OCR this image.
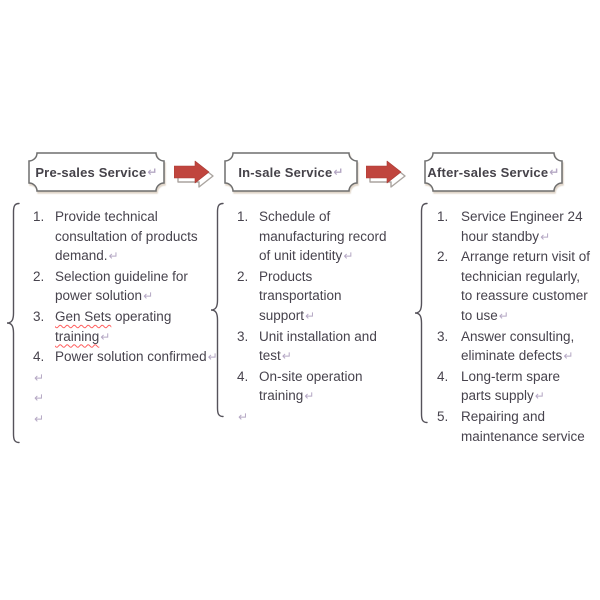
Pre-sales Service ↵	In-sale Service ↵	After-sales Service ↵
1. Provide technical
consultation of products
demand.↵
2. Selection guideline for
power solution↵
3. Gen Sets operating
training↵
4. Power solution confirmed↵
↵
↵
↵
1. Schedule of
manufacturing record
of unit identity↵
2. Products
transportation
support↵
3. Unit installation and
test↵
4. On-site operation
training↵
↵
1. Service Engineer 24
hour standby↵
2. Arrange return visit of
technician regularly,
to reassure customer
to use↵
3. Answer consulting,
eliminate defects↵
4. Long-term spare
parts supply↵
5. Repairing and
maintenance service
